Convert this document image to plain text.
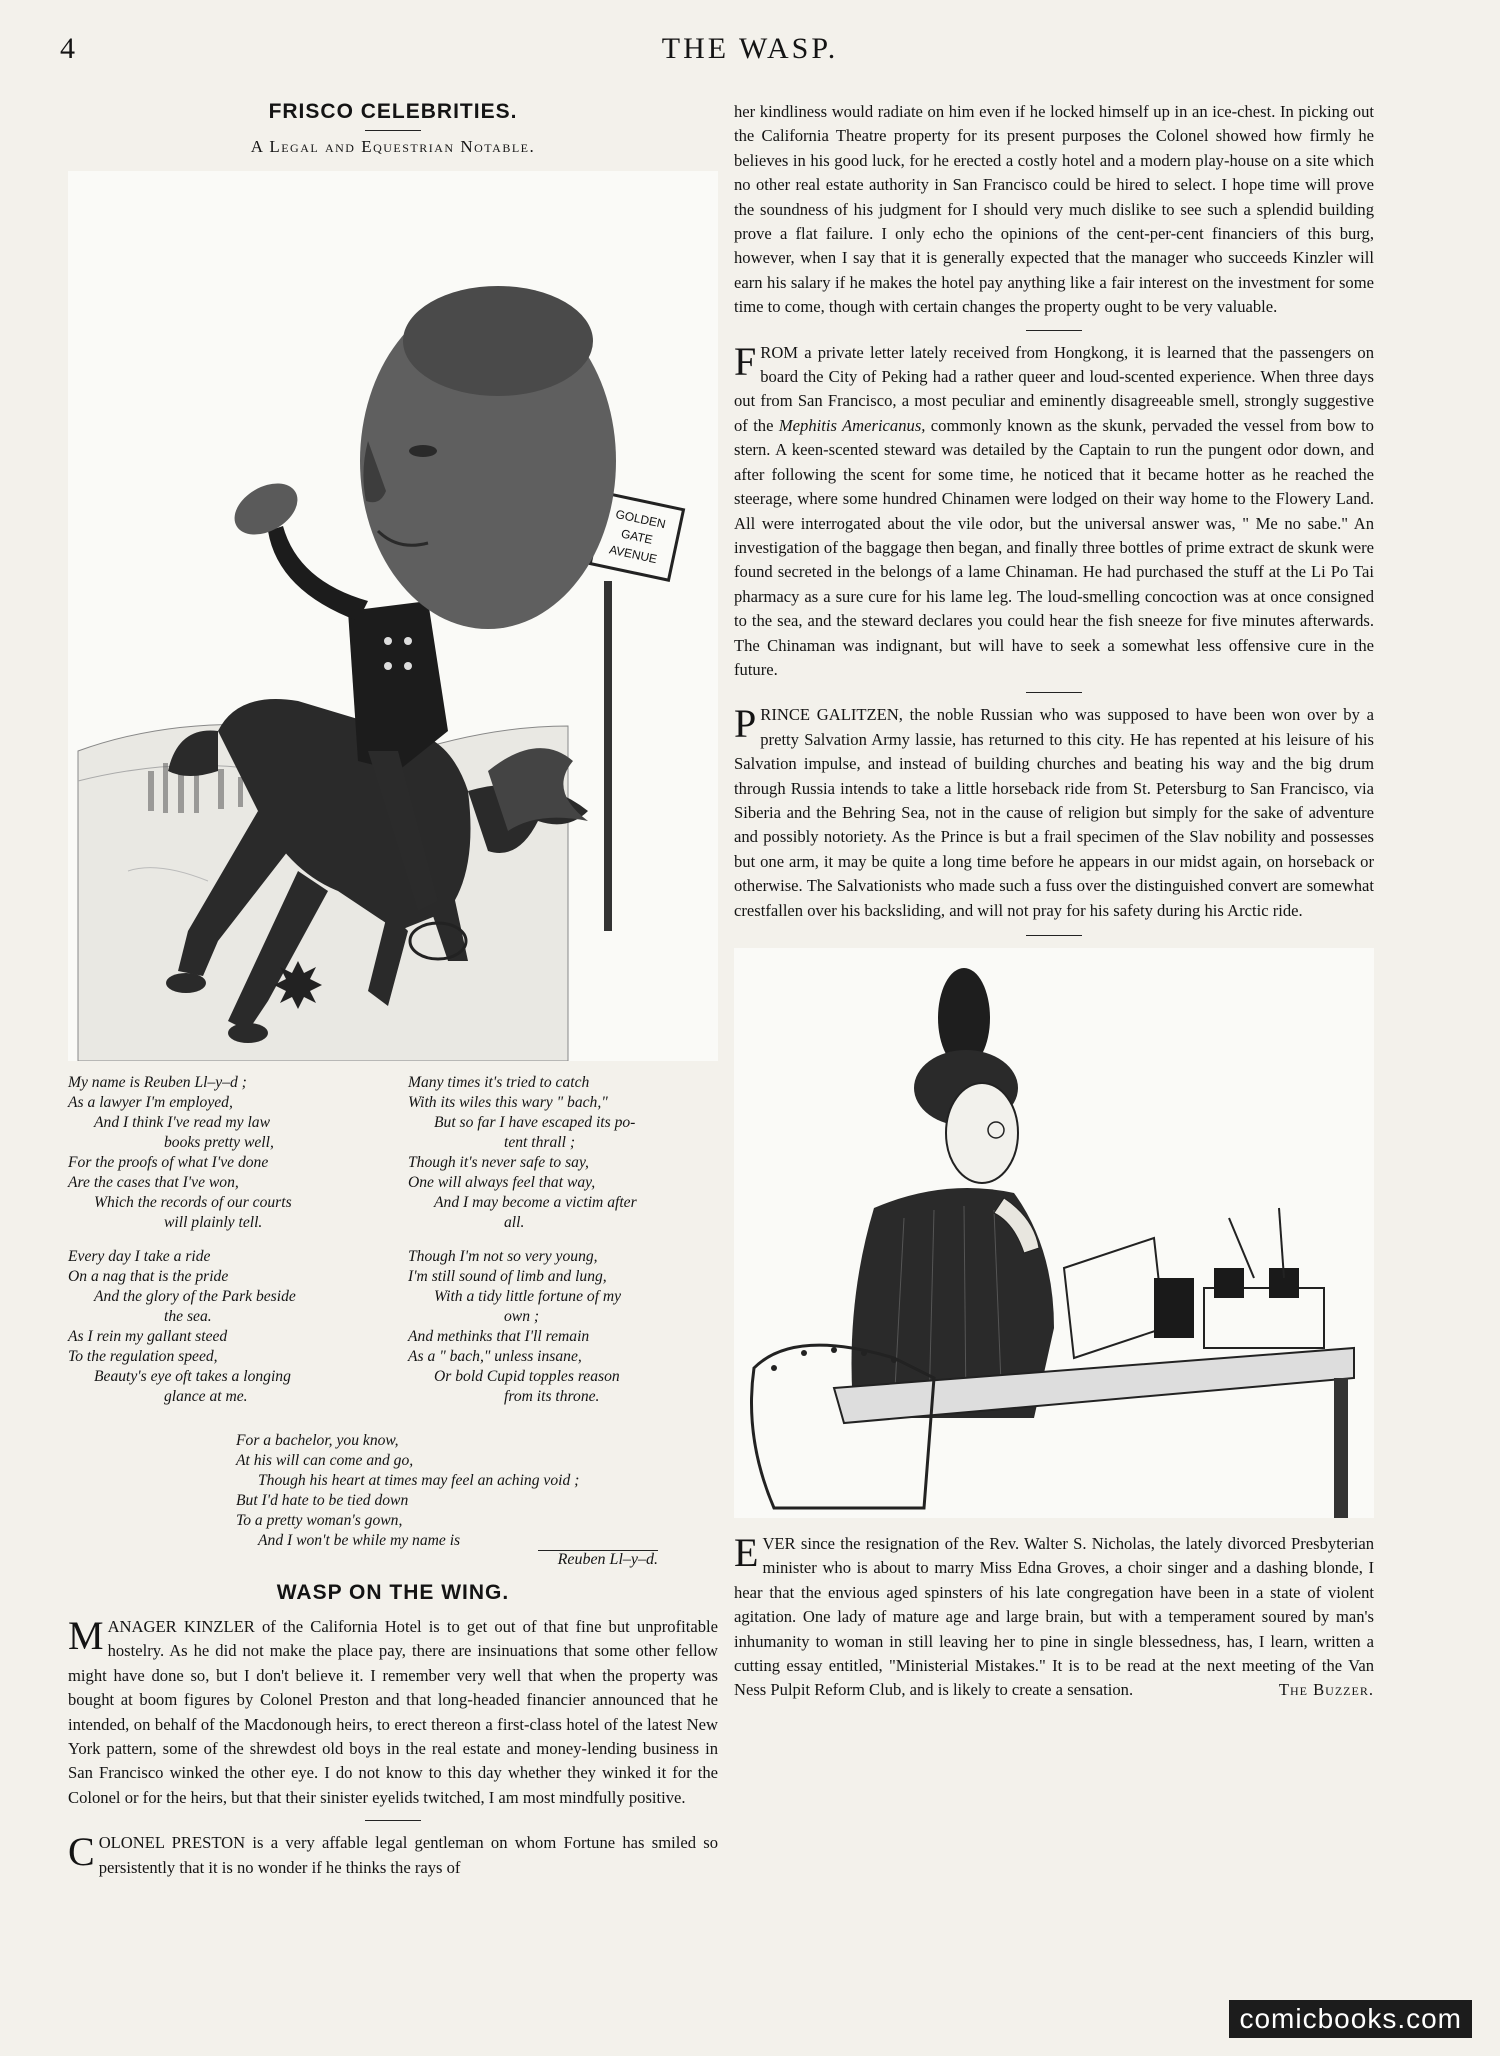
4	THE WASP.
FRISCO CELEBRITIES.

A Legal and Equestrian Notable.

GOLDEN
GATE
AVENUE

My name is Reuben Ll–y–d ;
As a lawyer I'm employed,
And I think I've read my law
books pretty well,
For the proofs of what I've done
Are the cases that I've won,
Which the records of our courts
will plainly tell.

Every day I take a ride
On a nag that is the pride
And the glory of the Park beside
the sea.
As I rein my gallant steed
To the regulation speed,
Beauty's eye oft takes a longing
glance at me.

Many times it's tried to catch
With its wiles this wary " bach,"
But so far I have escaped its po-
tent thrall ;
Though it's never safe to say,
One will always feel that way,
And I may become a victim after
all.

Though I'm not so very young,
I'm still sound of limb and lung,
With a tidy little fortune of my
own ;
And methinks that I'll remain
As a " bach," unless insane,
Or bold Cupid topples reason
from its throne.

For a bachelor, you know,
At his will can come and go,
Though his heart at times may feel an aching void ;
But I'd hate to be tied down
To a pretty woman's gown,
And I won't be while my name is
Reuben Ll–y–d.
WASP ON THE WING.

MANAGER KINZLER of the California Hotel is to get out of that fine but unprofitable hostelry. As he did not make the place pay, there are insinuations that some other fellow might have done so, but I don't believe it. I remember very well that when the property was bought at boom figures by Colonel Preston and that long-headed financier announced that he intended, on behalf of the Macdonough heirs, to erect thereon a first-class hotel of the latest New York pattern, some of the shrewdest old boys in the real estate and money-lending business in San Francisco winked the other eye. I do not know to this day whether they winked it for the Colonel or for the heirs, but that their sinister eyelids twitched, I am most mindfully positive.

COLONEL PRESTON is a very affable legal gentleman on whom Fortune has smiled so persistently that it is no wonder if he thinks the rays of

her kindliness would radiate on him even if he locked himself up in an ice-chest. In picking out the California Theatre property for its present purposes the Colonel showed how firmly he believes in his good luck, for he erected a costly hotel and a modern play-house on a site which no other real estate authority in San Francisco could be hired to select. I hope time will prove the soundness of his judgment for I should very much dislike to see such a splendid building prove a flat failure. I only echo the opinions of the cent-per-cent financiers of this burg, however, when I say that it is generally expected that the manager who succeeds Kinzler will earn his salary if he makes the hotel pay anything like a fair interest on the investment for some time to come, though with certain changes the property ought to be very valuable.

FROM a private letter lately received from Hongkong, it is learned that the passengers on board the City of Peking had a rather queer and loud-scented experience. When three days out from San Francisco, a most peculiar and eminently disagreeable smell, strongly suggestive of the Mephitis Americanus, commonly known as the skunk, pervaded the vessel from bow to stern. A keen-scented steward was detailed by the Captain to run the pungent odor down, and after following the scent for some time, he noticed that it became hotter as he reached the steerage, where some hundred Chinamen were lodged on their way home to the Flowery Land. All were interrogated about the vile odor, but the universal answer was, " Me no sabe." An investigation of the baggage then began, and finally three bottles of prime extract de skunk were found secreted in the belongs of a lame Chinaman. He had purchased the stuff at the Li Po Tai pharmacy as a sure cure for his lame leg. The loud-smelling concoction was at once consigned to the sea, and the steward declares you could hear the fish sneeze for five minutes afterwards. The Chinaman was indignant, but will have to seek a somewhat less offensive cure in the future.

PRINCE GALITZEN, the noble Russian who was supposed to have been won over by a pretty Salvation Army lassie, has returned to this city. He has repented at his leisure of his Salvation impulse, and instead of building churches and beating his way and the big drum through Russia intends to take a little horseback ride from St. Petersburg to San Francisco, via Siberia and the Behring Sea, not in the cause of religion but simply for the sake of adventure and possibly notoriety. As the Prince is but a frail specimen of the Slav nobility and possesses but one arm, it may be quite a long time before he appears in our midst again, on horseback or otherwise. The Salvationists who made such a fuss over the distinguished convert are somewhat crestfallen over his backsliding, and will not pray for his safety during his Arctic ride.

EVER since the resignation of the Rev. Walter S. Nicholas, the lately divorced Presbyterian minister who is about to marry Miss Edna Groves, a choir singer and a dashing blonde, I hear that the envious aged spinsters of his late congregation have been in a state of violent agitation. One lady of mature age and large brain, but with a temperament soured by man's inhumanity to woman in still leaving her to pine in single blessedness, has, I learn, written a cutting essay entitled, "Ministerial Mistakes." It is to be read at the next meeting of the Van Ness Pulpit Reform Club, and is likely to create a sensation.	The Buzzer.

comicbooks.com
